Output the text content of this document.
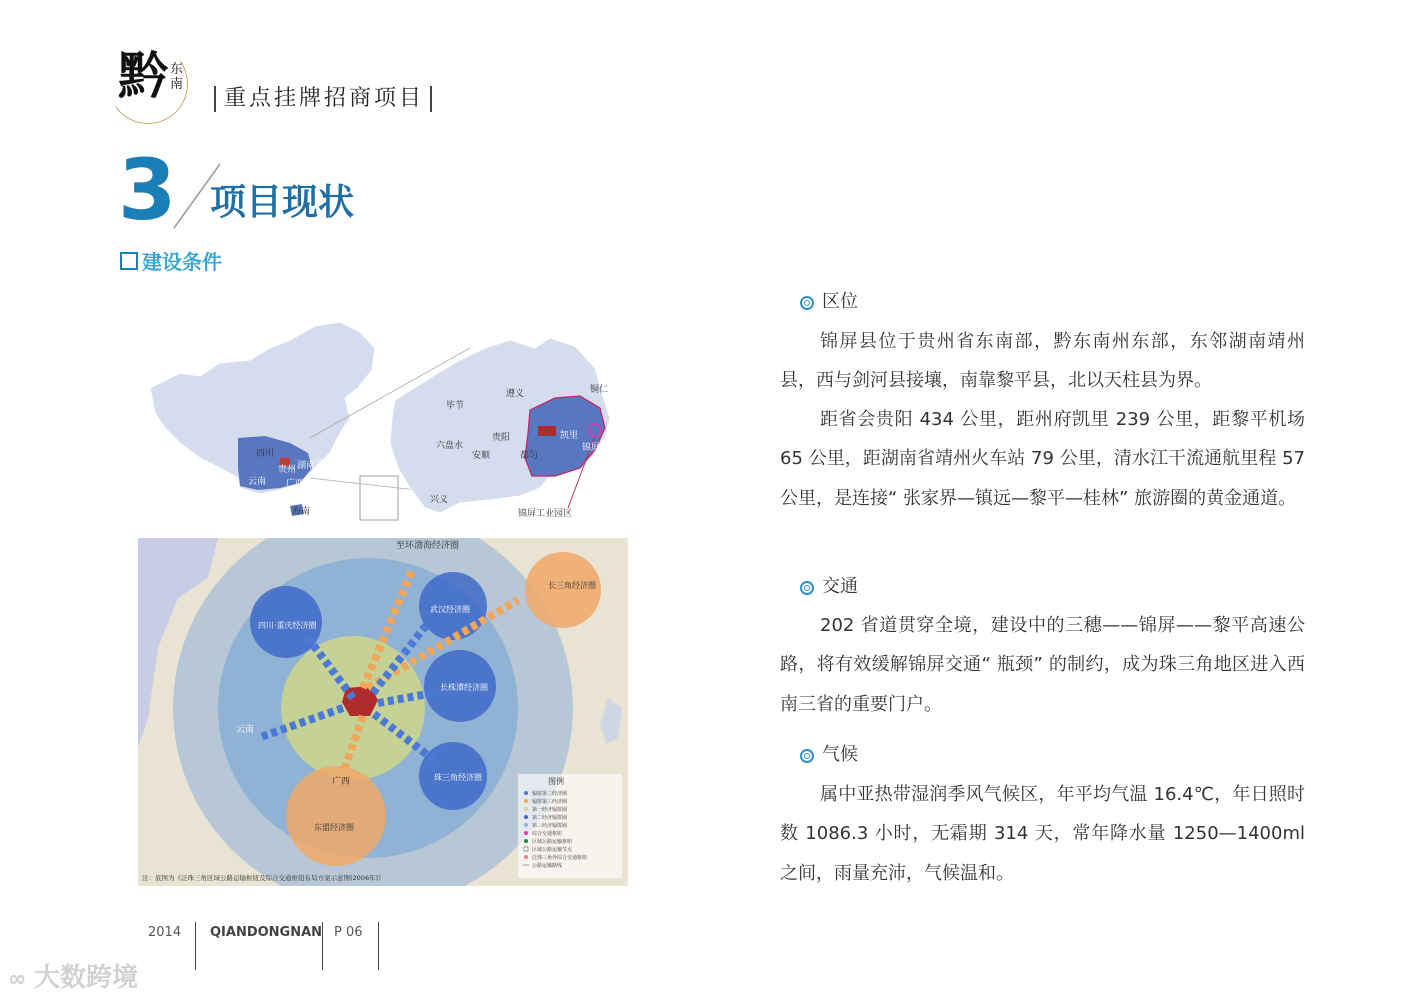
黔 东南
重点挂牌招商项目
3 项目现状
建设条件
四川
湖南 江西
福建
贵州
云南 广西 广东
海南
澳门
锦屏工业园区
铜仁
遵义
毕节
贵阳	凯里
六盘水
安顺	都匀
兴义
锦屏
至环渤海经济圈
长三角经济圈
武汉经济圈
四川·重庆经济圈
长株潭经济圈
珠三角经济圈
东盟经济圈
云南
广西	图例
辐射第二经济圈
辐射第三经济圈
第一经济辐射圈
第二经济辐射圈
第三经济辐射圈
综合交通枢纽
区域公路运输枢纽
区域公路运输节点
泛珠三角外综合交通枢纽
公路运输路线
注：底图为《泛珠三角区域公路运输枢纽及综合交通枢纽布局方案示意图(2006年)》
区位

锦屏县位于贵州省东南部，黔东南州东部，东邻湖南靖州县，西与剑河县接壤，南靠黎平县，北以天柱县为界。

距省会贵阳 434 公里，距州府凯里 239 公里，距黎平机场 65 公里，距湖南省靖州火车站 79 公里，清水江干流通航里程 57 公里，是连接“ 张家界—镇远—黎平—桂林” 旅游圈的黄金通道。

交通

202 省道贯穿全境，建设中的三穗——锦屏——黎平高速公路，将有效缓解锦屏交通“ 瓶颈” 的制约，成为珠三角地区进入西南三省的重要门户。

气候

属中亚热带湿润季风气候区，年平均气温 16.4℃，年日照时数 1086.3 小时，无霜期 314 天，常年降水量 1250—1400ml 之间，雨量充沛，气候温和。

2014 QIANDONGNAN P 06
∞ 大数跨境
